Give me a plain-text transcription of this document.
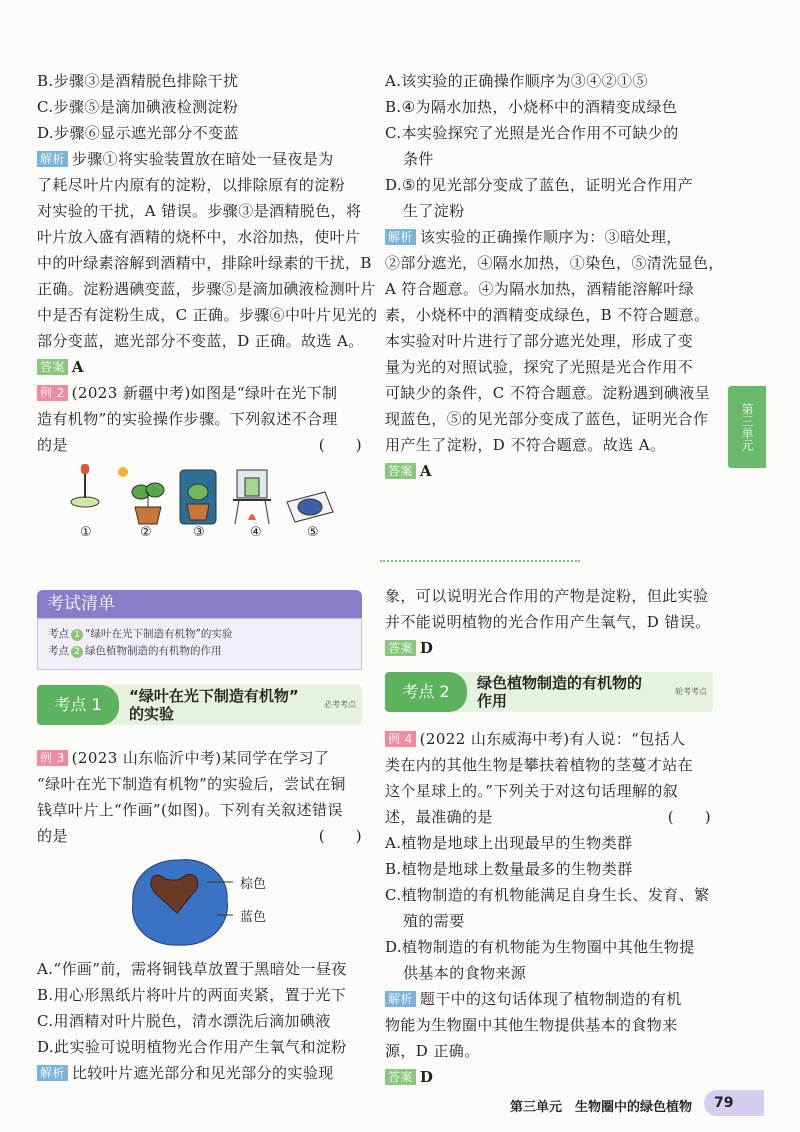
B.步骤③是酒精脱色排除干扰
C.步骤⑤是滴加碘液检测淀粉
D.步骤⑥显示遮光部分不变蓝
解析 步骤①将实验装置放在暗处一昼夜是为
了耗尽叶片内原有的淀粉，以排除原有的淀粉
对实验的干扰，A 错误。步骤③是酒精脱色，将
叶片放入盛有酒精的烧杯中，水浴加热，使叶片
中的叶绿素溶解到酒精中，排除叶绿素的干扰，B
正确。淀粉遇碘变蓝，步骤⑤是滴加碘液检测叶片
中是否有淀粉生成，C 正确。步骤⑥中叶片见光的
部分变蓝，遮光部分不变蓝，D 正确。故选 A。
答案 A
例 2 (2023 新疆中考)如图是“绿叶在光下制
造有机物”的实验操作步骤。下列叙述不合理
的是	(　　)
①	②	③	④	⑤
A.该实验的正确操作顺序为③④②①⑤
B.④为隔水加热，小烧杯中的酒精变成绿色
C.本实验探究了光照是光合作用不可缺少的
条件
D.⑤的见光部分变成了蓝色，证明光合作用产
生了淀粉
解析 该实验的正确操作顺序为：③暗处理，
②部分遮光，④隔水加热，①染色，⑤清洗显色，
A 符合题意。④为隔水加热，酒精能溶解叶绿
素，小烧杯中的酒精变成绿色，B 不符合题意。
本实验对叶片进行了部分遮光处理，形成了变
量为光的对照试验，探究了光照是光合作用不
可缺少的条件，C 不符合题意。淀粉遇到碘液呈
现蓝色，⑤的见光部分变成了蓝色，证明光合作
用产生了淀粉，D 不符合题意。故选 A。
答案 A
第三单元
考试清单
考点 1 “绿叶在光下制造有机物”的实验
考点 2 绿色植物制造的有机物的作用
考点 1	“绿叶在光下制造有机物”
的实验
必考考点
例 3 (2023 山东临沂中考)某同学在学习了
“绿叶在光下制造有机物”的实验后，尝试在铜
钱草叶片上“作画”(如图)。下列有关叙述错误
的是	(　　)
棕色
蓝色
A.“作画”前，需将铜钱草放置于黑暗处一昼夜
B.用心形黑纸片将叶片的两面夹紧，置于光下
C.用酒精对叶片脱色，清水漂洗后滴加碘液
D.此实验可说明植物光合作用产生氧气和淀粉
解析 比较叶片遮光部分和见光部分的实验现
象，可以说明光合作用的产物是淀粉，但此实验
并不能说明植物的光合作用产生氧气，D 错误。
答案 D
考点 2	绿色植物制造的有机物的
作用
轮考考点
例 4 (2022 山东威海中考)有人说：“包括人
类在内的其他生物是攀扶着植物的茎蔓才站在
这个星球上的。”下列关于对这句话理解的叙
述，最准确的是	(　　)
A.植物是地球上出现最早的生物类群
B.植物是地球上数量最多的生物类群
C.植物制造的有机物能满足自身生长、发育、繁
殖的需要
D.植物制造的有机物能为生物圈中其他生物提
供基本的食物来源
解析 题干中的这句话体现了植物制造的有机
物能为生物圈中其他生物提供基本的食物来
源，D 正确。
答案 D
第三单元　生物圈中的绿色植物	79
